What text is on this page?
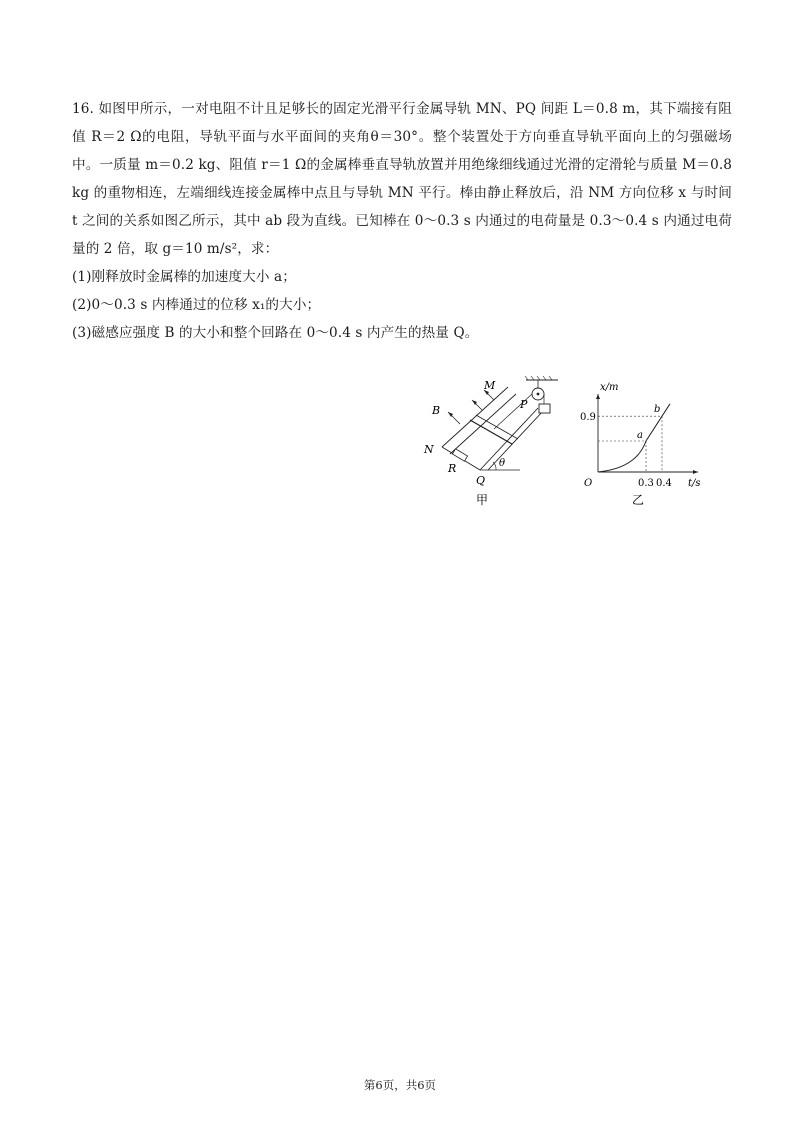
16. 如图甲所示，一对电阻不计且足够长的固定光滑平行金属导轨 MN、PQ 间距 L＝0.8 m，其下端接有阻值 R＝2 Ω的电阻，导轨平面与水平面间的夹角θ＝30°。整个装置处于方向垂直导轨平面向上的匀强磁场中。一质量 m＝0.2 kg、阻值 r＝1 Ω的金属棒垂直导轨放置并用绝缘细线通过光滑的定滑轮与质量 M＝0.8 kg 的重物相连，左端细线连接金属棒中点且与导轨 MN 平行。棒由静止释放后，沿 NM 方向位移 x 与时间 t 之间的关系如图乙所示，其中 ab 段为直线。已知棒在 0～0.3 s 内通过的电荷量是 0.3～0.4 s 内通过电荷量的 2 倍，取 g＝10 m/s²，求：

(1)刚释放时金属棒的加速度大小 a；

(2)0～0.3 s 内棒通过的位移 x₁的大小；

(3)磁感应强度 B 的大小和整个回路在 0～0.4 s 内产生的热量 Q。

M
B
N
R
P
Q
θ
甲
x/m
t/s
O
0.9
0.3 0.4
a
b
乙
第6页，共6页
